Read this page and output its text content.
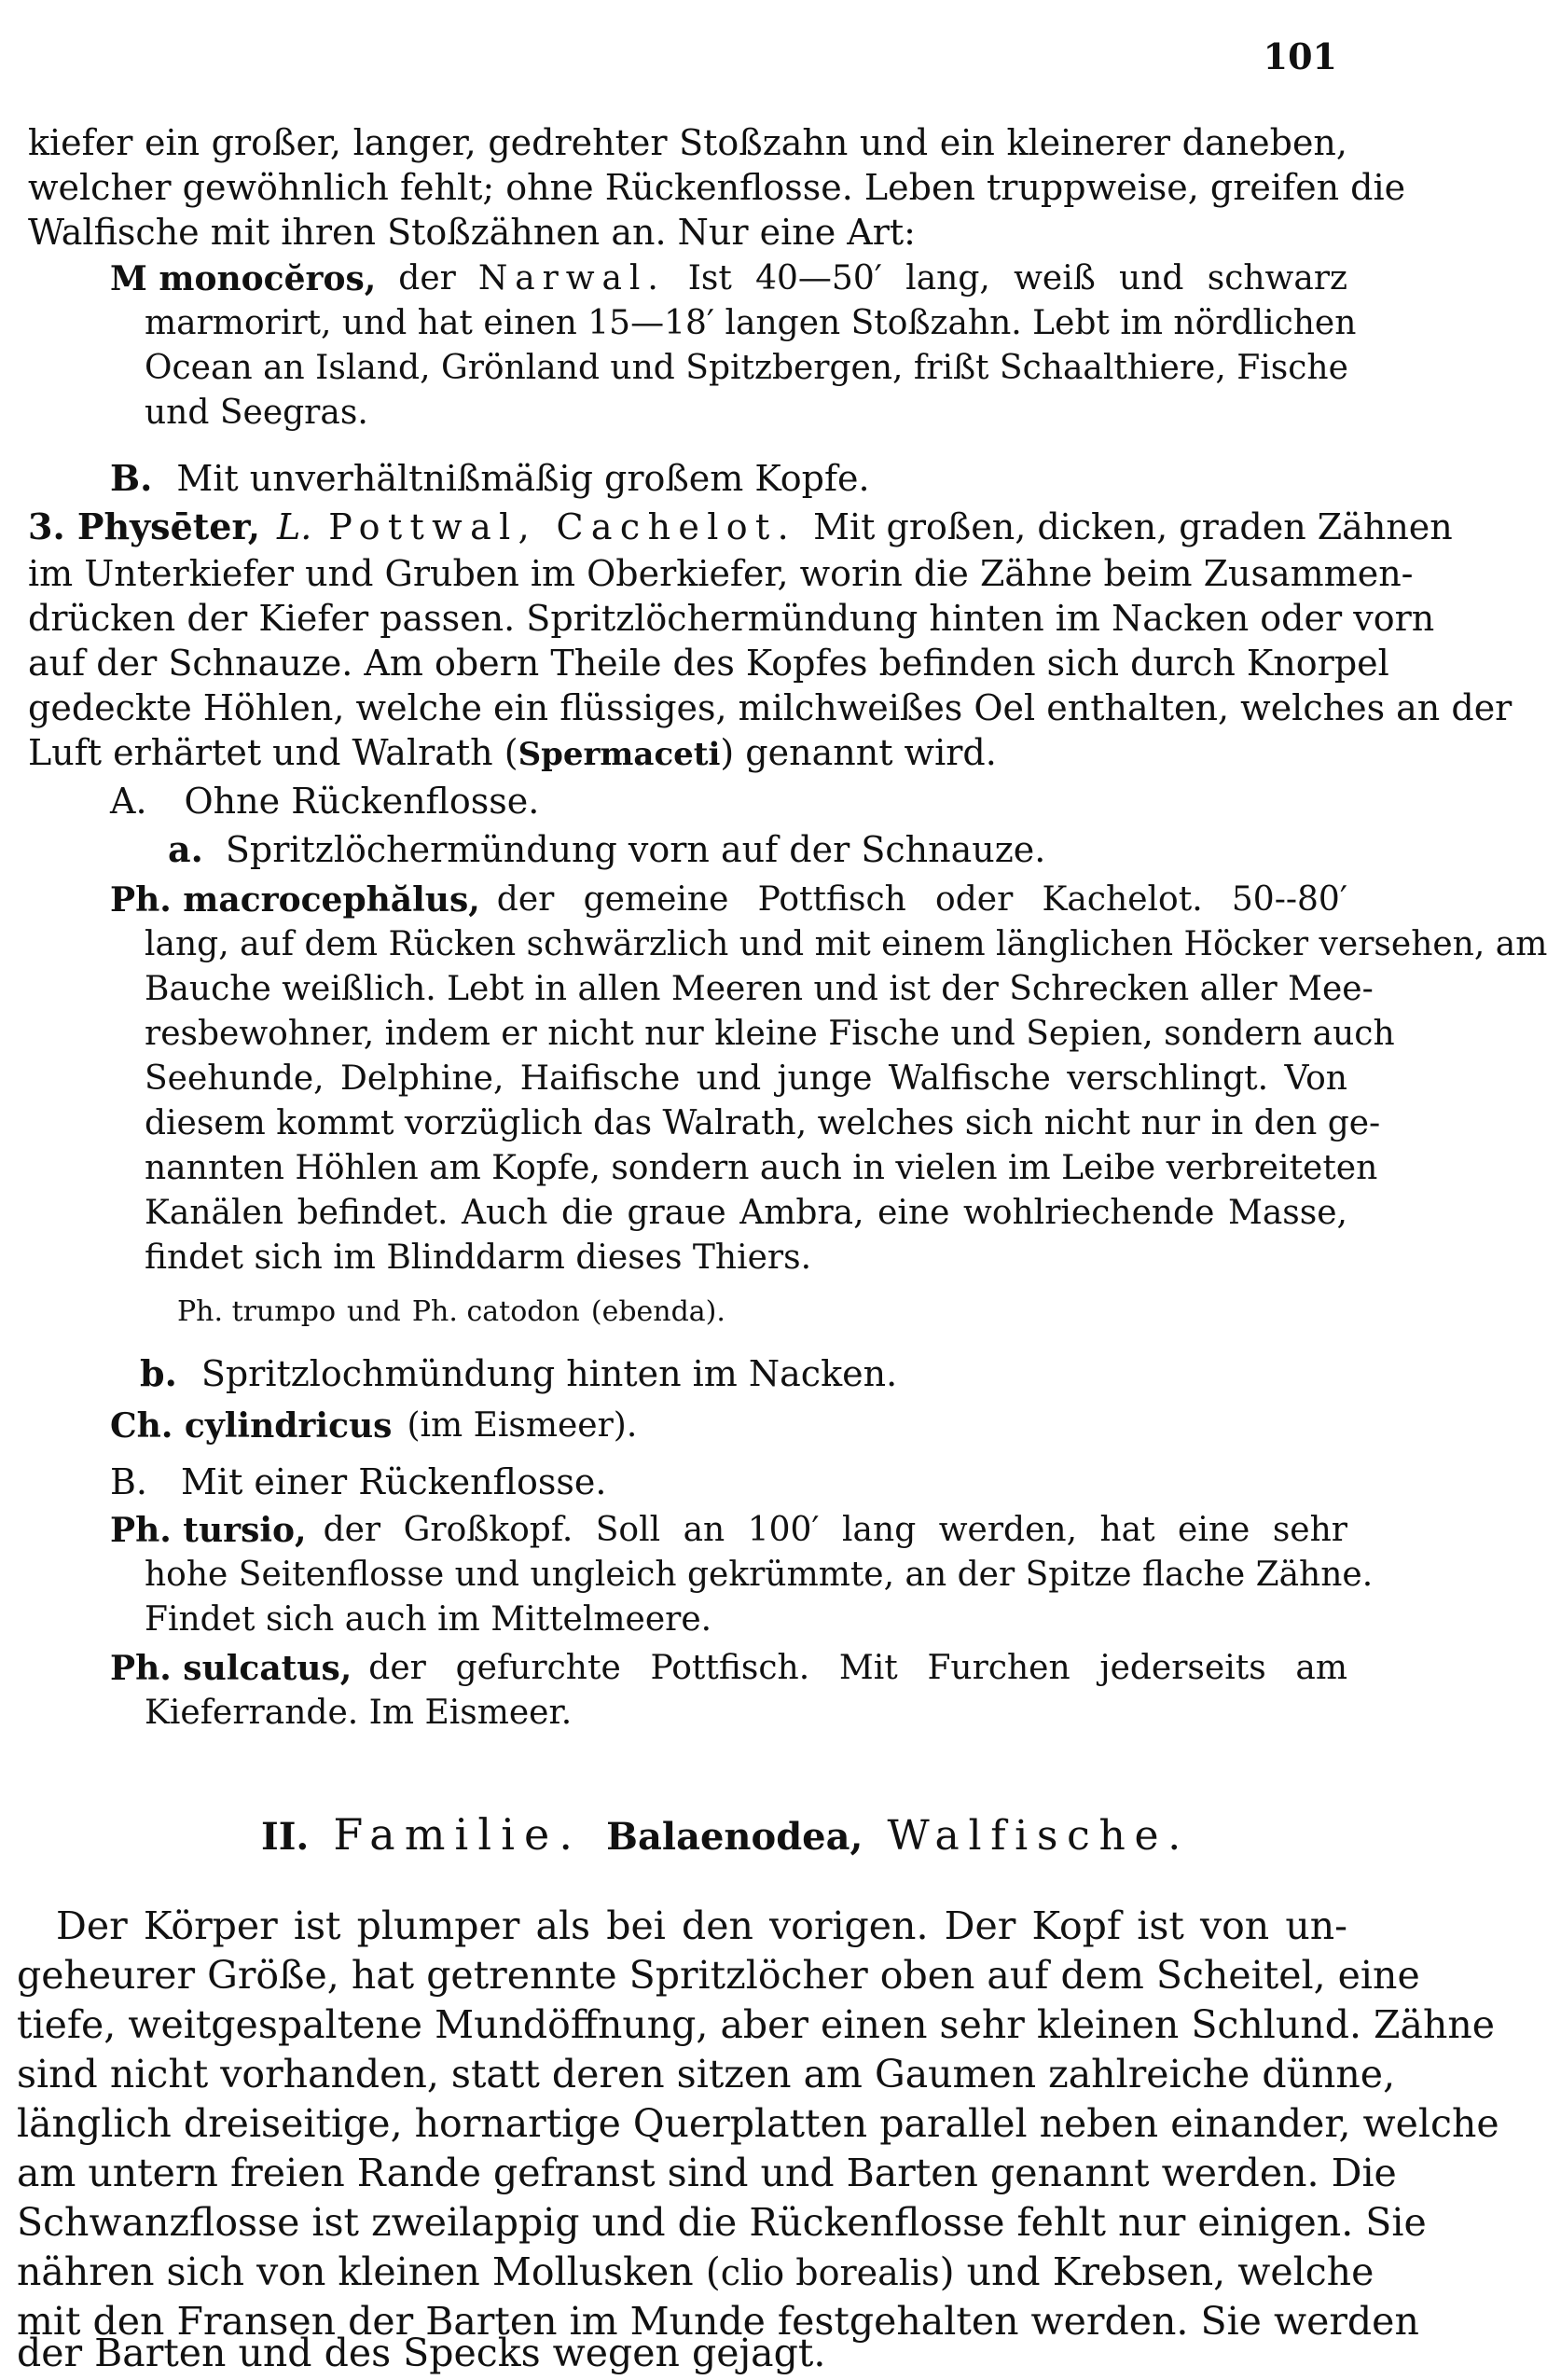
101
kiefer ein großer, langer, gedrehter Stoßzahn und ein kleinerer daneben,
welcher gewöhnlich fehlt; ohne Rückenflosse. Leben truppweise, greifen die
Walfische mit ihren Stoßzähnen an. Nur eine Art:
M monocĕros, der Narwal. Ist 40—50′ lang, weiß und schwarz
marmorirt, und hat einen 15—18′ langen Stoßzahn. Lebt im nördlichen
Ocean an Island, Grönland und Spitzbergen, frißt Schaalthiere, Fische
und Seegras.
B. Mit unverhältnißmäßig großem Kopfe.
3. Physēter, L. Pottwal, Cachelot. Mit großen, dicken, graden Zähnen
im Unterkiefer und Gruben im Oberkiefer, worin die Zähne beim Zusammen-
drücken der Kiefer passen. Spritzlöchermündung hinten im Nacken oder vorn
auf der Schnauze. Am obern Theile des Kopfes befinden sich durch Knorpel
gedeckte Höhlen, welche ein flüssiges, milchweißes Oel enthalten, welches an der
Luft erhärtet und Walrath (Spermaceti) genannt wird.
A. Ohne Rückenflosse.
a. Spritzlöchermündung vorn auf der Schnauze.
Ph. macrocephălus, der gemeine Pottfisch oder Kachelot. 50--80′
lang, auf dem Rücken schwärzlich und mit einem länglichen Höcker versehen, am
Bauche weißlich. Lebt in allen Meeren und ist der Schrecken aller Mee-
resbewohner, indem er nicht nur kleine Fische und Sepien, sondern auch
Seehunde, Delphine, Haifische und junge Walfische verschlingt. Von
diesem kommt vorzüglich das Walrath, welches sich nicht nur in den ge-
nannten Höhlen am Kopfe, sondern auch in vielen im Leibe verbreiteten
Kanälen befindet. Auch die graue Ambra, eine wohlriechende Masse,
findet sich im Blinddarm dieses Thiers.
Ph. trumpo und Ph. catodon (ebenda).
b. Spritzlochmündung hinten im Nacken.
Ch. cylindricus (im Eismeer).
B. Mit einer Rückenflosse.
Ph. tursio, der Großkopf. Soll an 100′ lang werden, hat eine sehr
hohe Seitenflosse und ungleich gekrümmte, an der Spitze flache Zähne.
Findet sich auch im Mittelmeere.
Ph. sulcatus, der gefurchte Pottfisch. Mit Furchen jederseits am
Kieferrande. Im Eismeer.
II. Familie. Balaenodea, Walfische.
Der Körper ist plumper als bei den vorigen. Der Kopf ist von un-
geheurer Größe, hat getrennte Spritzlöcher oben auf dem Scheitel, eine
tiefe, weitgespaltene Mundöffnung, aber einen sehr kleinen Schlund. Zähne
sind nicht vorhanden, statt deren sitzen am Gaumen zahlreiche dünne,
länglich dreiseitige, hornartige Querplatten parallel neben einander, welche
am untern freien Rande gefranst sind und Barten genannt werden. Die
Schwanzflosse ist zweilappig und die Rückenflosse fehlt nur einigen. Sie
nähren sich von kleinen Mollusken (clio borealis) und Krebsen, welche
mit den Fransen der Barten im Munde festgehalten werden. Sie werden
der Barten und des Specks wegen gejagt.
